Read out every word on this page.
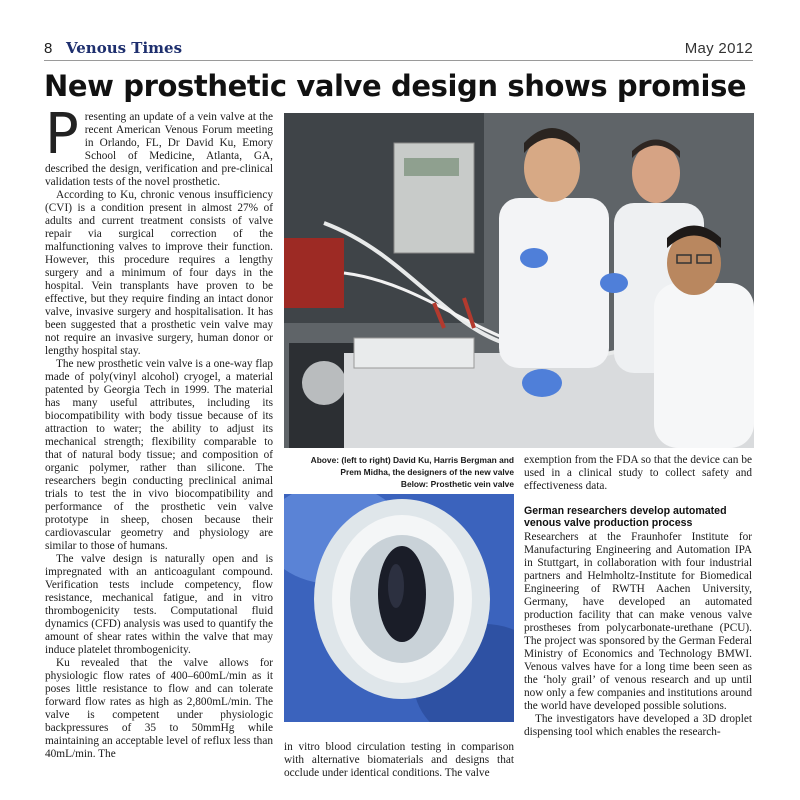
8 Venous Times	May 2012
New prosthetic valve design shows promise
P resenting an update of a vein valve at the recent American Venous Forum meeting in Orlando, FL, Dr David Ku, Emory School of Medicine, Atlanta, GA, described the design, verification and pre-clinical validation tests of the novel prosthetic.

According to Ku, chronic venous insufficiency (CVI) is a condition present in almost 27% of adults and current treatment consists of valve repair via surgical correction of the malfunctioning valves to improve their function. However, this procedure requires a lengthy surgery and a minimum of four days in the hospital. Vein transplants have proven to be effective, but they require finding an intact donor valve, invasive surgery and hospitalisation. It has been suggested that a prosthetic vein valve may not require an invasive surgery, human donor or lengthy hospital stay.

The new prosthetic vein valve is a one-way flap made of poly(vinyl alcohol) cryogel, a material patented by Georgia Tech in 1999. The material has many useful attributes, including its biocompatibility with body tissue because of its attraction to water; the ability to adjust its mechanical strength; flexibility comparable to that of natural body tissue; and composition of organic polymer, rather than silicone. The researchers begin conducting preclinical animal trials to test the in vivo biocompatibility and performance of the prosthetic vein valve prototype in sheep, chosen because their cardiovascular geometry and physiology are similar to those of humans.

The valve design is naturally open and is impregnated with an anticoagulant compound. Verification tests include competency, flow resistance, mechanical fatigue, and in vitro thrombogenicity tests. Computational fluid dynamics (CFD) analysis was used to quantify the amount of shear rates within the valve that may induce platelet thrombogenicity.

Ku revealed that the valve allows for physiologic flow rates of 400–600mL/min as it poses little resistance to flow and can tolerate forward flow rates as high as 2,800mL/min. The valve is competent under physiologic backpressures of 35 to 50mmHg while maintaining an acceptable level of reflux less than 40mL/min. The

Above: (left to right) David Ku, Harris Bergman and
Prem Midha, the designers of the new valve
Below: Prosthetic vein valve

in vitro blood circulation testing in comparison with alternative biomaterials and designs that occlude under identical conditions. The valve

exemption from the FDA so that the device can be used in a clinical study to collect safety and effectiveness data.

German researchers develop automated venous valve production process

Researchers at the Fraunhofer Institute for Manufacturing Engineering and Automation IPA in Stuttgart, in collaboration with four industrial partners and Helmholtz-Institute for Biomedical Engineering of RWTH Aachen University, Germany, have developed an automated production facility that can make venous valve prostheses from polycarbonate-urethane (PCU). The project was sponsored by the German Federal Ministry of Economics and Technology BMWI. Venous valves have for a long time been seen as the ‘holy grail’ of venous research and up until now only a few companies and institutions around the world have developed possible solutions.

The investigators have developed a 3D droplet dispensing tool which enables the research-
